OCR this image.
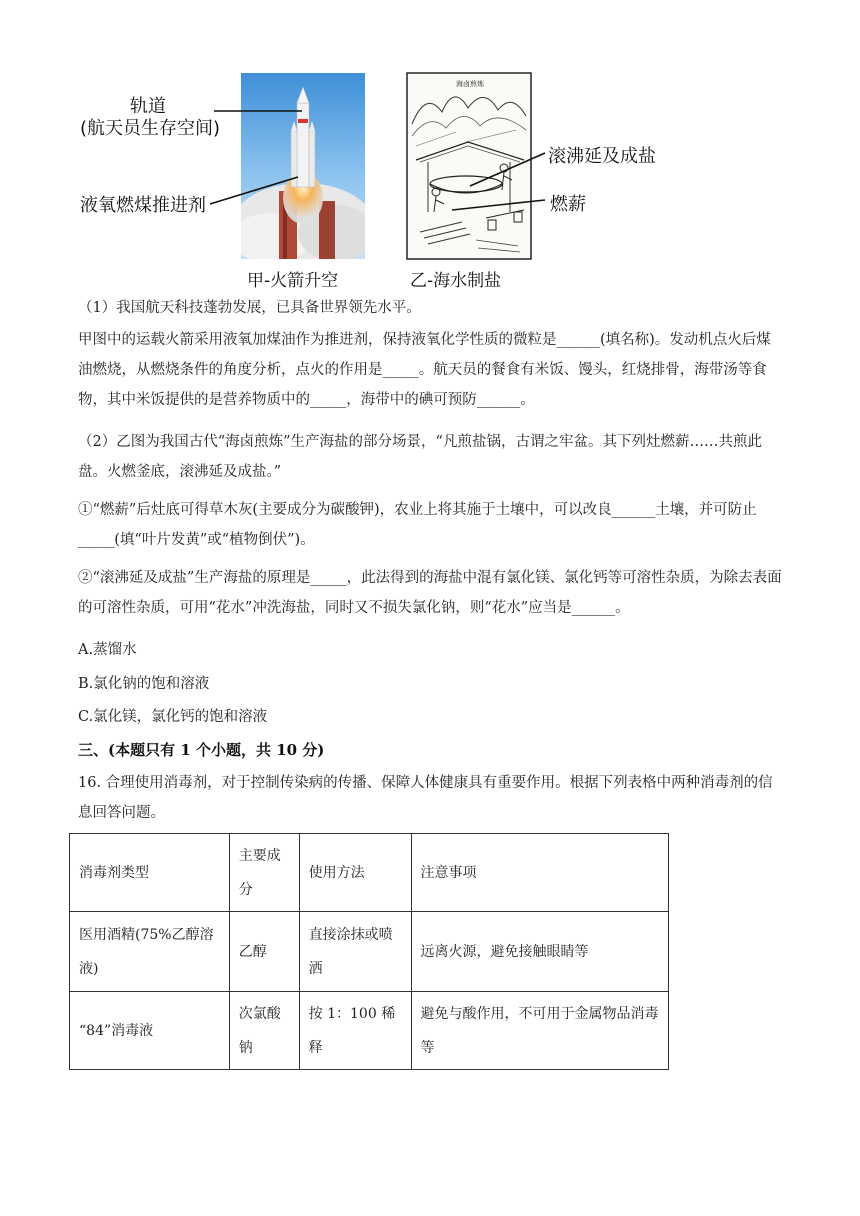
海卤煎炼
轨道
(航天员生存空间)
液氧燃煤推进剂
滚沸延及成盐
燃薪
甲-火箭升空	乙-海水制盐
（1）我国航天科技蓬勃发展，已具备世界领先水平。
甲图中的运载火箭采用液氧加煤油作为推进剂，保持液氧化学性质的微粒是______(填名称)。发动机点火后煤油燃烧，从燃烧条件的角度分析，点火的作用是_____。航天员的餐食有米饭、馒头，红烧排骨，海带汤等食物，其中米饭提供的是营养物质中的_____，海带中的碘可预防______。
（2）乙图为我国古代“海卤煎炼”生产海盐的部分场景，“凡煎盐锅，古谓之牢盆。其下列灶燃薪……共煎此盘。火燃釜底，滚沸延及成盐。”
①“燃薪”后灶底可得草木灰(主要成分为碳酸钾)，农业上将其施于土壤中，可以改良______土壤，并可防止_____(填“叶片发黄”或“植物倒伏”)。
②“滚沸延及成盐”生产海盐的原理是_____，此法得到的海盐中混有氯化镁、氯化钙等可溶性杂质，为除去表面的可溶性杂质，可用“花水”冲洗海盐，同时又不损失氯化钠，则“花水”应当是______。
A.蒸馏水
B.氯化钠的饱和溶液
C.氯化镁，氯化钙的饱和溶液
三、(本题只有 1 个小题，共 10 分)
16. 合理使用消毒剂，对于控制传染病的传播、保障人体健康具有重要作用。根据下列表格中两种消毒剂的信息回答问题。
消毒剂类型	主要成分	使用方法	注意事项
医用酒精(75%乙醇溶液)	乙醇	直接涂抹或喷洒	远离火源，避免接触眼睛等
“84”消毒液	次氯酸钠	按 1：100 稀释	避免与酸作用，不可用于金属物品消毒等
